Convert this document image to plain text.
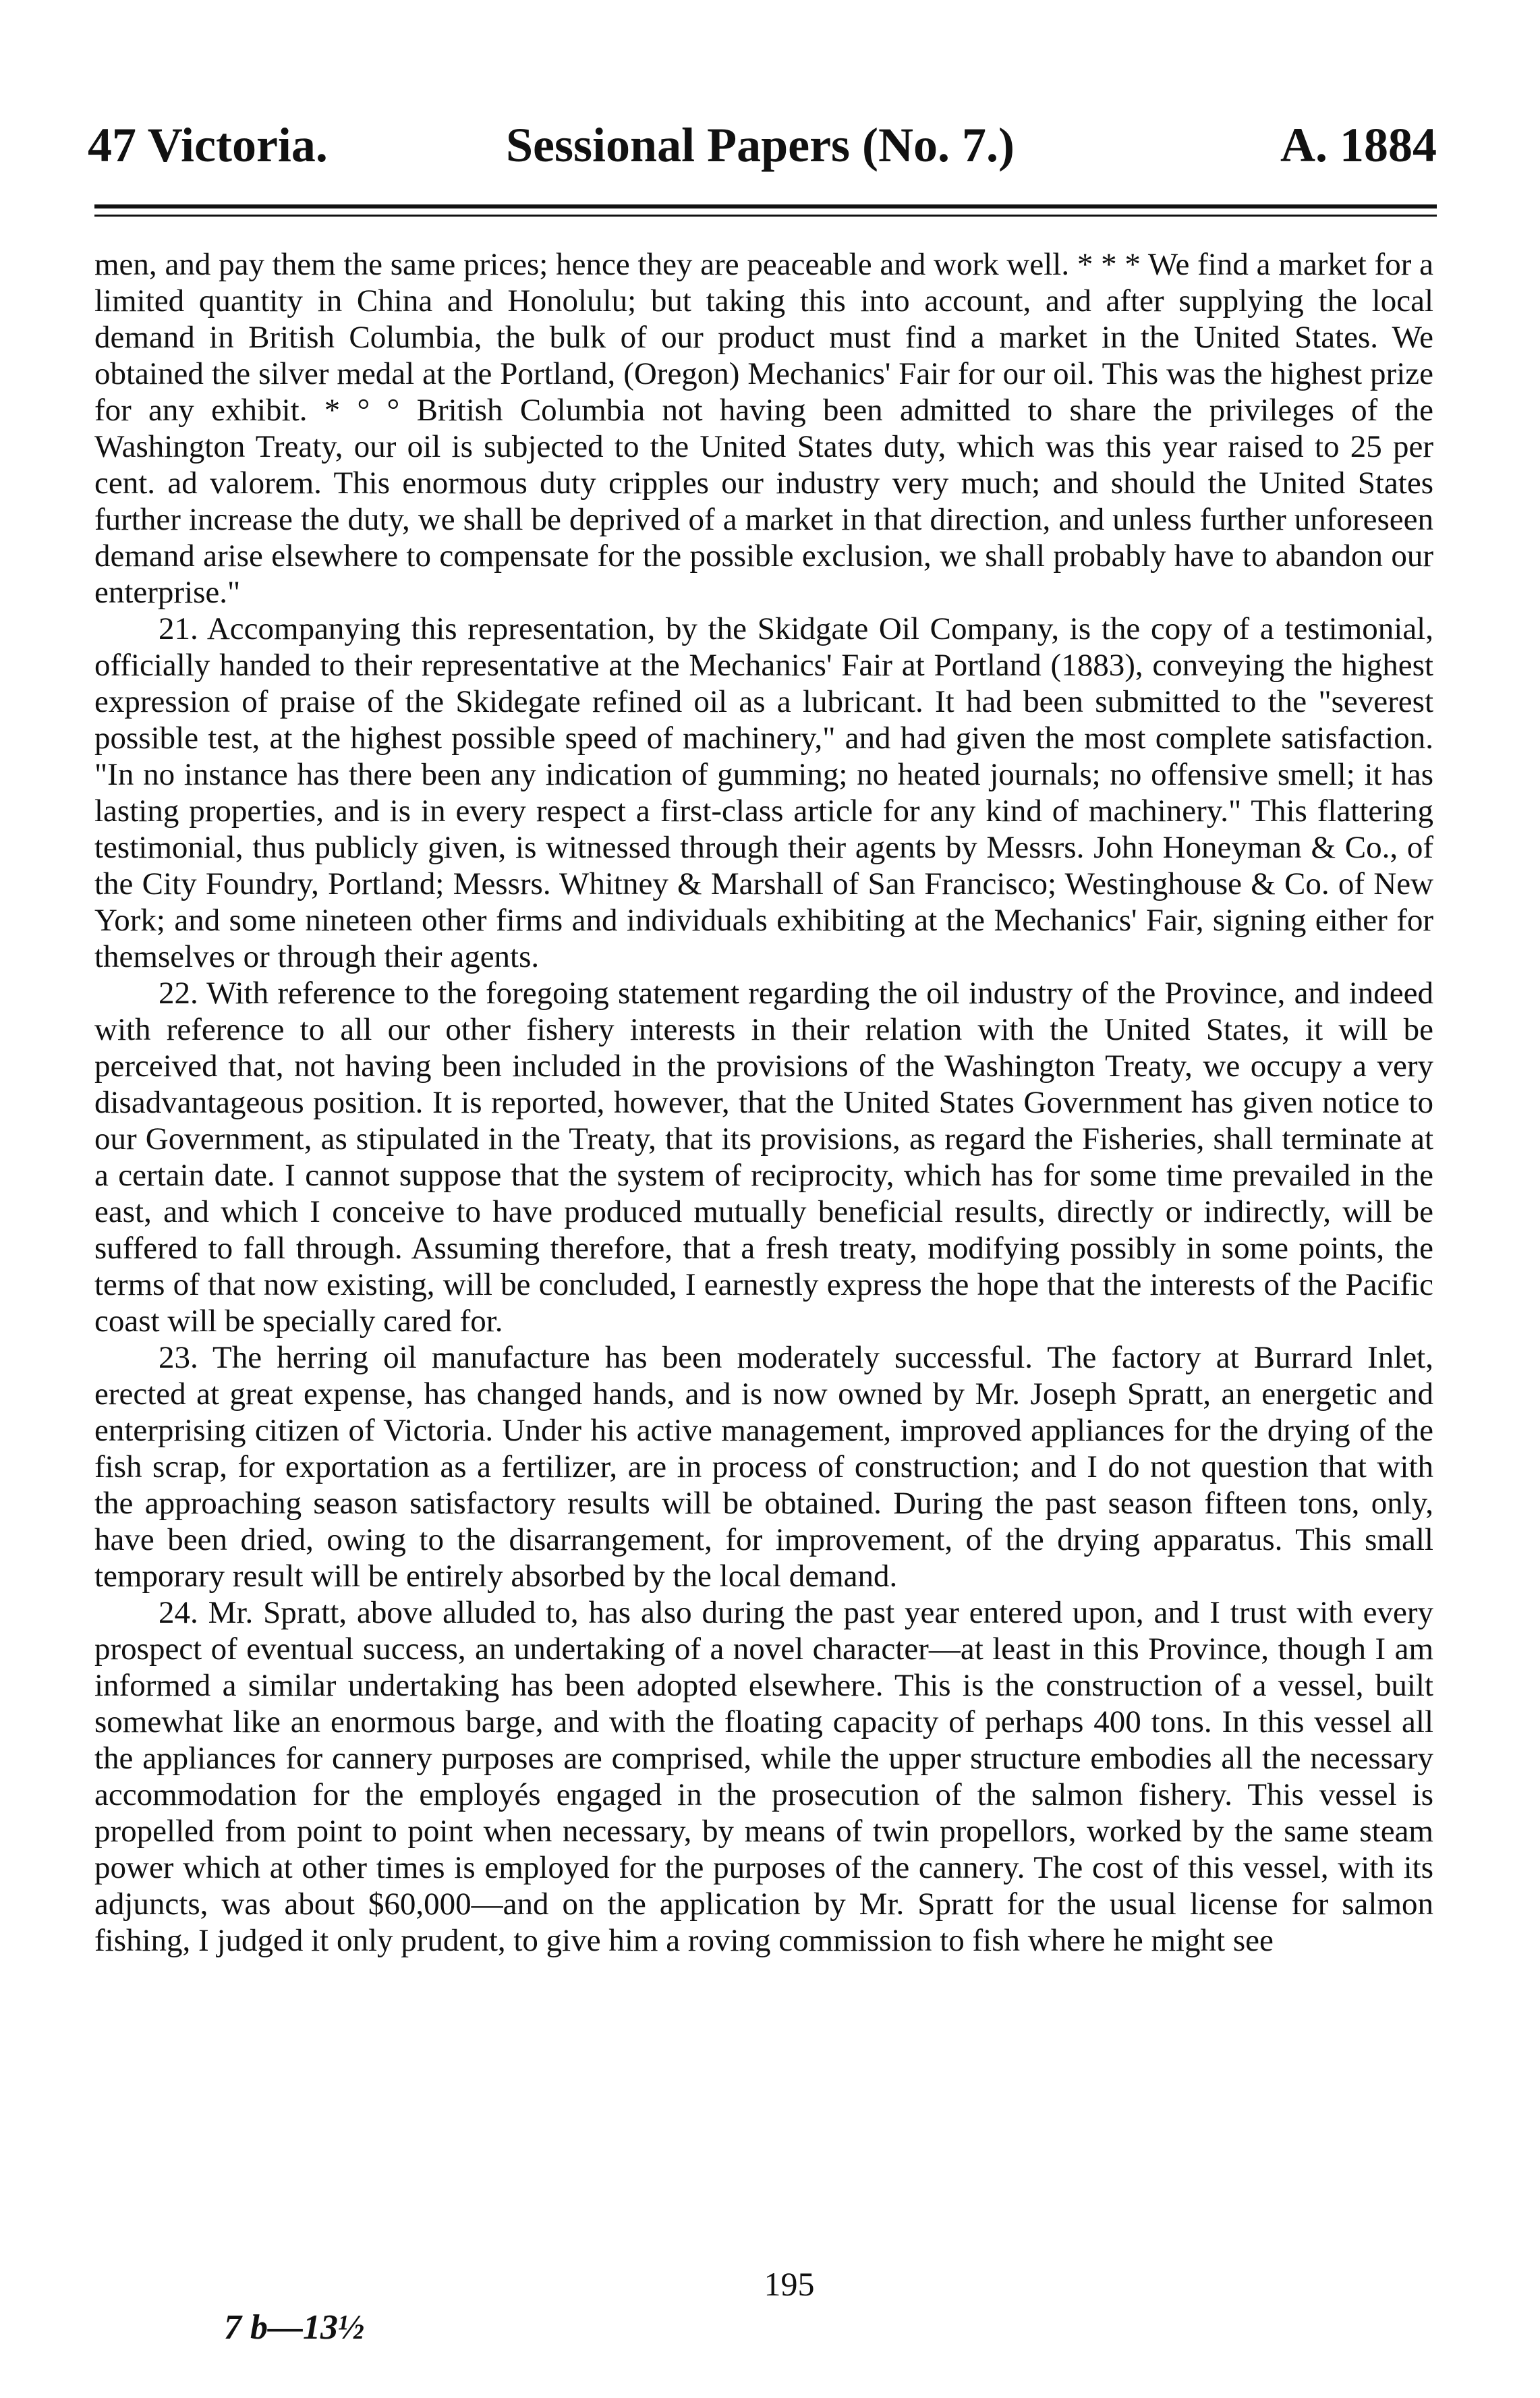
47 Victoria.	Sessional Papers (No. 7.)	A. 1884

men, and pay them the same prices; hence they are peaceable and work well. * * * We find a market for a limited quantity in China and Honolulu; but taking this into account, and after supplying the local demand in British Columbia, the bulk of our product must find a market in the United States. We obtained the silver medal at the Portland, (Oregon) Mechanics' Fair for our oil. This was the highest prize for any exhibit. * ° ° British Columbia not having been admitted to share the privileges of the Washington Treaty, our oil is subjected to the United States duty, which was this year raised to 25 per cent. ad valorem. This enormous duty cripples our industry very much; and should the United States further increase the duty, we shall be deprived of a market in that direction, and unless further unforeseen demand arise elsewhere to compensate for the possible exclusion, we shall probably have to abandon our enterprise."

21. Accompanying this representation, by the Skidgate Oil Company, is the copy of a testimonial, officially handed to their representative at the Mechanics' Fair at Portland (1883), conveying the highest expression of praise of the Skidegate refined oil as a lubricant. It had been submitted to the "severest possible test, at the highest possible speed of machinery," and had given the most complete satisfaction. "In no instance has there been any indication of gumming; no heated journals; no offensive smell; it has lasting properties, and is in every respect a first-class article for any kind of machinery." This flattering testimonial, thus publicly given, is witnessed through their agents by Messrs. John Honeyman & Co., of the City Foundry, Portland; Messrs. Whitney & Marshall of San Francisco; Westinghouse & Co. of New York; and some nineteen other firms and individuals exhibiting at the Mechanics' Fair, signing either for themselves or through their agents.

22. With reference to the foregoing statement regarding the oil industry of the Province, and indeed with reference to all our other fishery interests in their relation with the United States, it will be perceived that, not having been included in the provisions of the Washington Treaty, we occupy a very disadvantageous position. It is reported, however, that the United States Government has given notice to our Government, as stipulated in the Treaty, that its provisions, as regard the Fisheries, shall terminate at a certain date. I cannot suppose that the system of reciprocity, which has for some time prevailed in the east, and which I conceive to have produced mutually beneficial results, directly or indirectly, will be suffered to fall through. Assuming therefore, that a fresh treaty, modifying possibly in some points, the terms of that now existing, will be concluded, I earnestly express the hope that the interests of the Pacific coast will be specially cared for.

23. The herring oil manufacture has been moderately successful. The factory at Burrard Inlet, erected at great expense, has changed hands, and is now owned by Mr. Joseph Spratt, an energetic and enterprising citizen of Victoria. Under his active management, improved appliances for the drying of the fish scrap, for exportation as a fertilizer, are in process of construction; and I do not question that with the approaching season satisfactory results will be obtained. During the past season fifteen tons, only, have been dried, owing to the disarrangement, for improvement, of the drying apparatus. This small temporary result will be entirely absorbed by the local demand.

24. Mr. Spratt, above alluded to, has also during the past year entered upon, and I trust with every prospect of eventual success, an undertaking of a novel character—at least in this Province, though I am informed a similar undertaking has been adopted elsewhere. This is the construction of a vessel, built somewhat like an enormous barge, and with the floating capacity of perhaps 400 tons. In this vessel all the appliances for cannery purposes are comprised, while the upper structure embodies all the necessary accommodation for the employés engaged in the prosecution of the salmon fishery. This vessel is propelled from point to point when necessary, by means of twin propellors, worked by the same steam power which at other times is employed for the purposes of the cannery. The cost of this vessel, with its adjuncts, was about $60,000—and on the application by Mr. Spratt for the usual license for salmon fishing, I judged it only prudent, to give him a roving commission to fish where he might see

195
7 b—13½
